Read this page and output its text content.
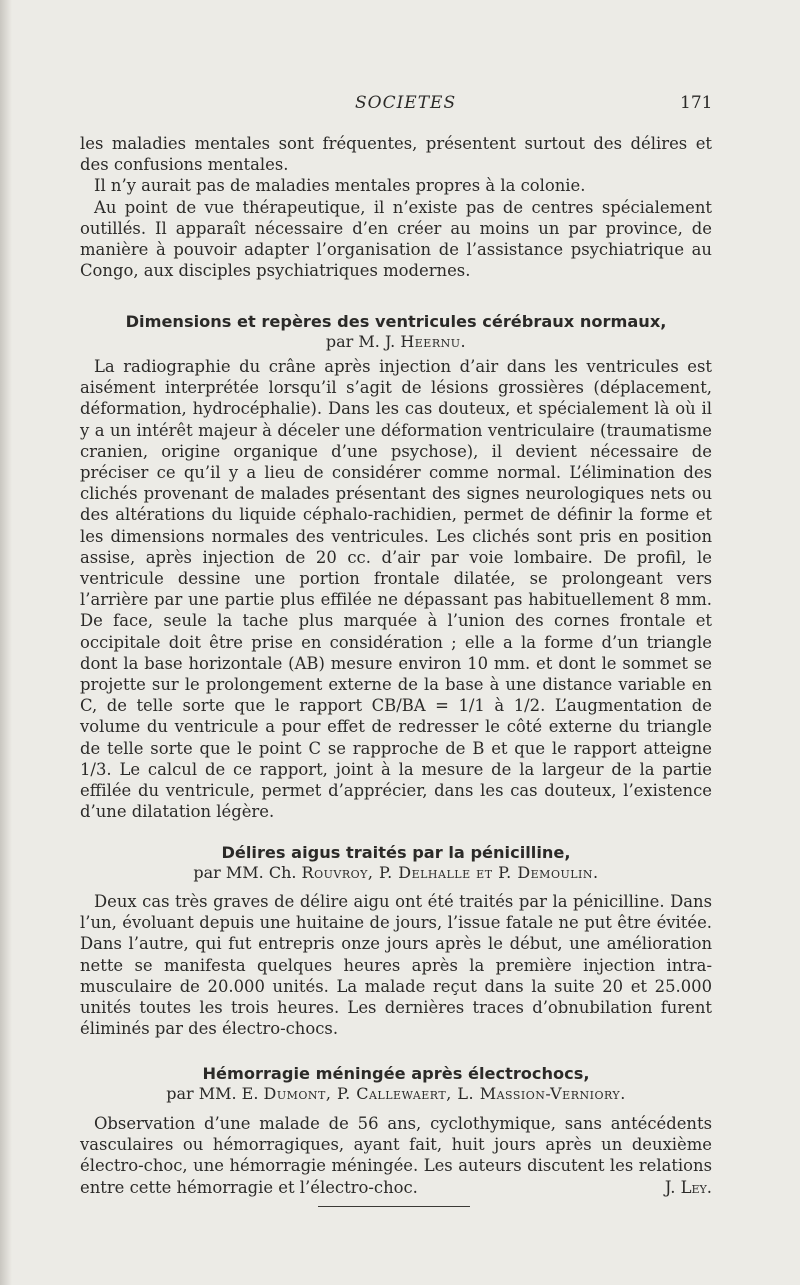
SOCIETES	171

les maladies mentales sont fréquentes, présentent surtout des délires et des confusions mentales.

Il n’y aurait pas de maladies mentales propres à la colonie.

Au point de vue thérapeutique, il n’existe pas de centres spécialement outillés. Il apparaît nécessaire d’en créer au moins un par province, de manière à pouvoir adapter l’organisation de l’assistance psychiatrique au Congo, aux disciples psychiatriques modernes.

Dimensions et repères des ventricules cérébraux normaux,
par M. J. Heernu.

La radiographie du crâne après injection d’air dans les ventricules est aisément interprétée lorsqu’il s’agit de lésions grossières (déplacement, déformation, hydrocéphalie). Dans les cas douteux, et spécialement là où il y a un intérêt majeur à déceler une déformation ventriculaire (traumatisme cranien, origine organique d’une psychose), il devient nécessaire de préciser ce qu’il y a lieu de considérer comme normal. L’élimination des clichés provenant de malades présentant des signes neurologiques nets ou des altérations du liquide céphalo-rachidien, permet de définir la forme et les dimensions normales des ventricules. Les clichés sont pris en position assise, après injection de 20 cc. d’air par voie lombaire. De profil, le ventricule dessine une portion frontale dilatée, se prolongeant vers l’arrière par une partie plus effilée ne dépassant pas habituellement 8 mm. De face, seule la tache plus marquée à l’union des cornes frontale et occipitale doit être prise en considération ; elle a la forme d’un triangle dont la base horizontale (AB) mesure environ 10 mm. et dont le sommet se projette sur le prolongement externe de la base à une distance variable en C, de telle sorte que le rapport CB/BA = 1/1 à 1/2. L’augmentation de volume du ventricule a pour effet de redresser le côté externe du triangle de telle sorte que le point C se rapproche de B et que le rapport atteigne 1/3. Le calcul de ce rapport, joint à la mesure de la largeur de la partie effilée du ventricule, permet d’apprécier, dans les cas douteux, l’existence d’une dilatation légère.

Délires aigus traités par la pénicilline,
par MM. Ch. Rouvroy, P. Delhalle et P. Demoulin.

Deux cas très graves de délire aigu ont été traités par la pénicilline. Dans l’un, évoluant depuis une huitaine de jours, l’issue fatale ne put être évitée. Dans l’autre, qui fut entrepris onze jours après le début, une amélioration nette se manifesta quelques heures après la première injection intra-musculaire de 20.000 unités. La malade reçut dans la suite 20 et 25.000 unités toutes les trois heures. Les dernières traces d’obnubilation furent éliminés par des électro-chocs.

Hémorragie méningée après électrochocs,
par MM. E. Dumont, P. Callewaert, L. Massion-Verniory.

Observation d’une malade de 56 ans, cyclothymique, sans antécédents vasculaires ou hémorragiques, ayant fait, huit jours après un deuxième électro-choc, une hémorragie méningée. Les auteurs discutent les relations entre cette hémorragie et l’électro-choc.	J. Ley.
